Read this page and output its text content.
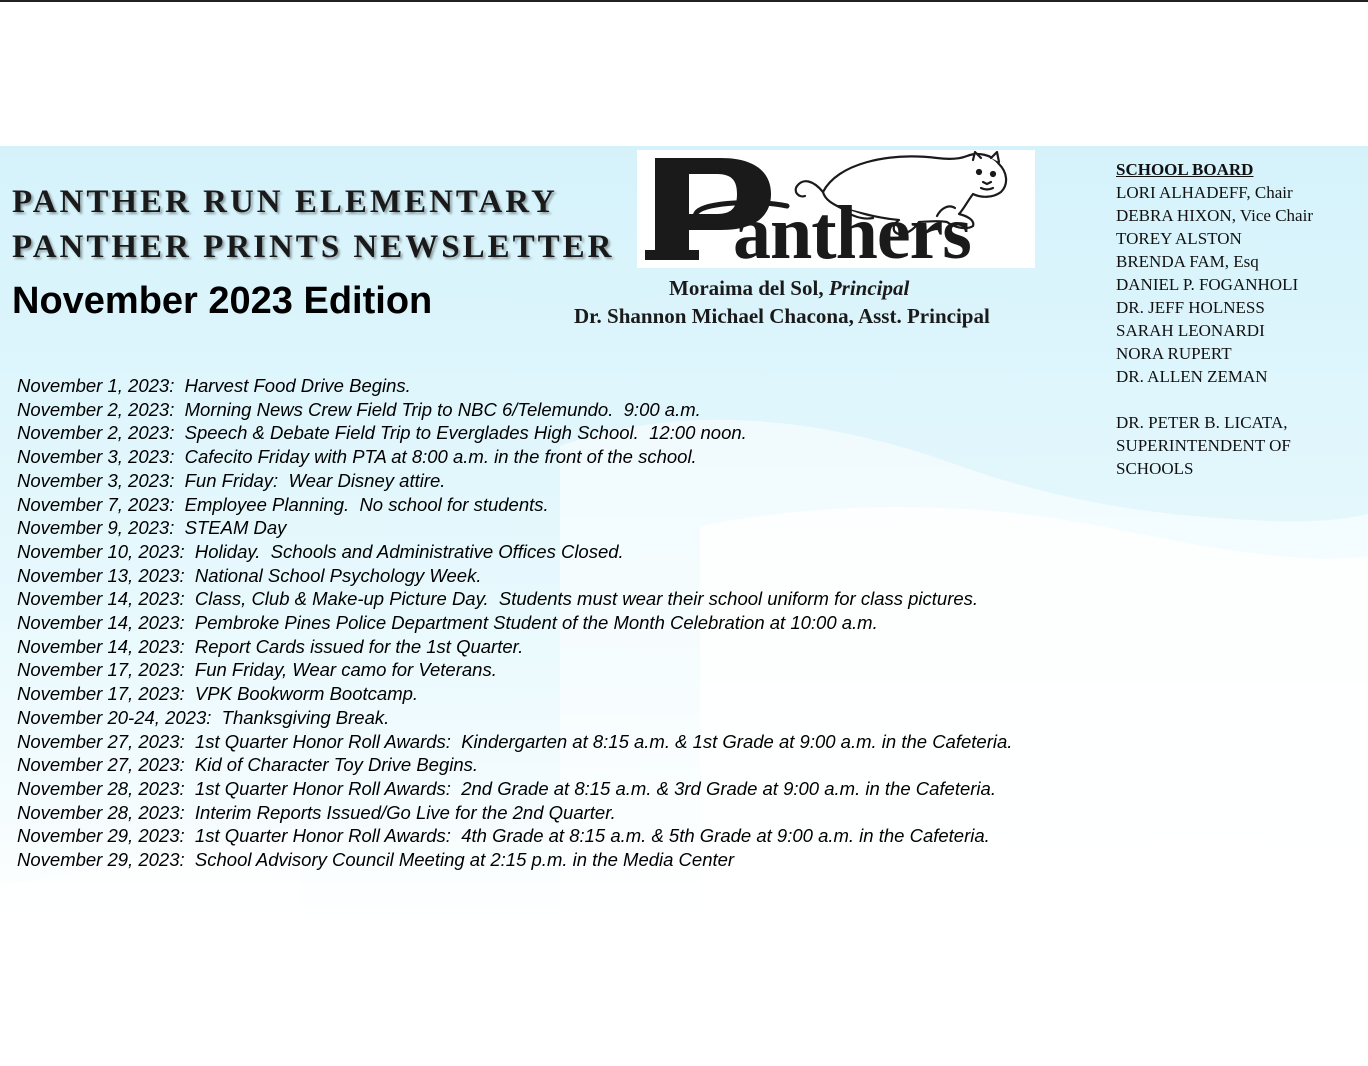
PANTHER RUN ELEMENTARY
PANTHER PRINTS NEWSLETTER
November 2023 Edition
anthers
Moraima del Sol, Principal
Dr. Shannon Michael Chacona, Asst. Principal
SCHOOL BOARD
LORI ALHADEFF, Chair
DEBRA HIXON, Vice Chair
TOREY ALSTON
BRENDA FAM, Esq
DANIEL P. FOGANHOLI
DR. JEFF HOLNESS
SARAH LEONARDI
NORA RUPERT
DR. ALLEN ZEMAN
DR. PETER B. LICATA,
SUPERINTENDENT OF
SCHOOLS
November 1, 2023:  Harvest Food Drive Begins.
November 2, 2023:  Morning News Crew Field Trip to NBC 6/Telemundo.  9:00 a.m.
November 2, 2023:  Speech & Debate Field Trip to Everglades High School.  12:00 noon.
November 3, 2023:  Cafecito Friday with PTA at 8:00 a.m. in the front of the school.
November 3, 2023:  Fun Friday:  Wear Disney attire.
November 7, 2023:  Employee Planning.  No school for students.
November 9, 2023:  STEAM Day
November 10, 2023:  Holiday.  Schools and Administrative Offices Closed.
November 13, 2023:  National School Psychology Week.
November 14, 2023:  Class, Club & Make-up Picture Day.  Students must wear their school uniform for class pictures.
November 14, 2023:  Pembroke Pines Police Department Student of the Month Celebration at 10:00 a.m.
November 14, 2023:  Report Cards issued for the 1st Quarter.
November 17, 2023:  Fun Friday, Wear camo for Veterans.
November 17, 2023:  VPK Bookworm Bootcamp.
November 20-24, 2023:  Thanksgiving Break.
November 27, 2023:  1st Quarter Honor Roll Awards:  Kindergarten at 8:15 a.m. & 1st Grade at 9:00 a.m. in the Cafeteria.
November 27, 2023:  Kid of Character Toy Drive Begins.
November 28, 2023:  1st Quarter Honor Roll Awards:  2nd Grade at 8:15 a.m. & 3rd Grade at 9:00 a.m. in the Cafeteria.
November 28, 2023:  Interim Reports Issued/Go Live for the 2nd Quarter.
November 29, 2023:  1st Quarter Honor Roll Awards:  4th Grade at 8:15 a.m. & 5th Grade at 9:00 a.m. in the Cafeteria.
November 29, 2023:  School Advisory Council Meeting at 2:15 p.m. in the Media Center
